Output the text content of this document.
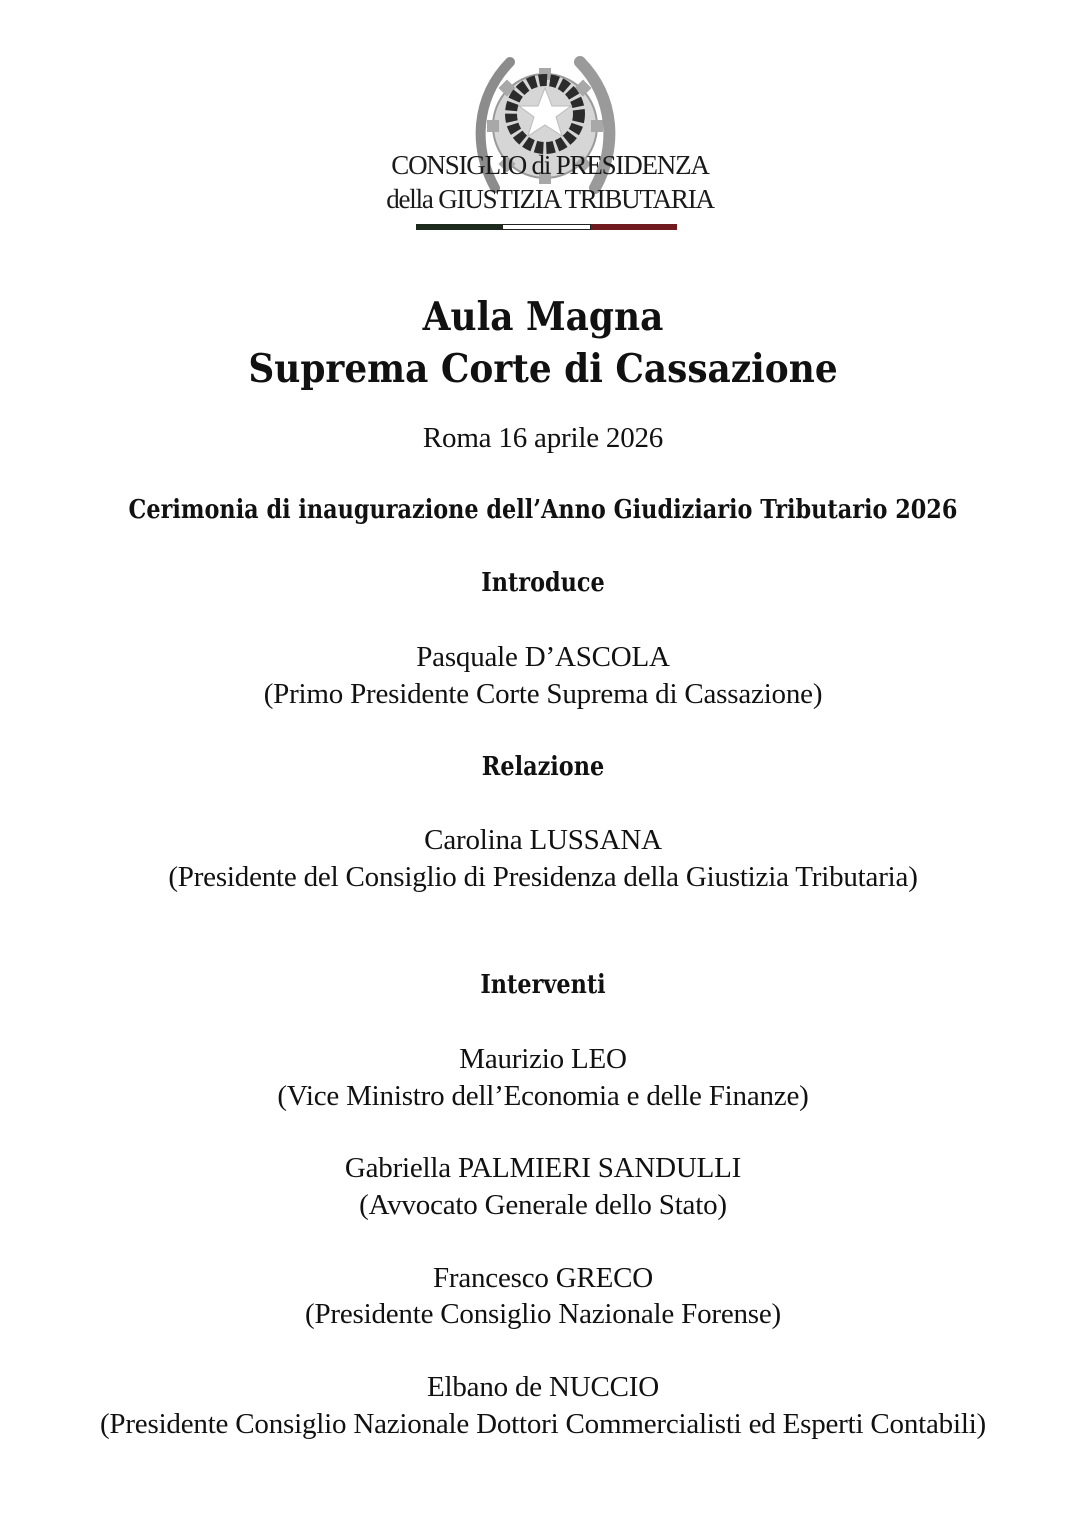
CONSIGLIO di PRESIDENZA
della GIUSTIZIA TRIBUTARIA
Aula Magna
Suprema Corte di Cassazione
Roma 16 aprile 2026
Cerimonia di inaugurazione dell’Anno Giudiziario Tributario 2026
Introduce
Pasquale D’ASCOLA
(Primo Presidente Corte Suprema di Cassazione)
Relazione
Carolina LUSSANA
(Presidente del Consiglio di Presidenza della Giustizia Tributaria)
Interventi
Maurizio LEO
(Vice Ministro dell’Economia e delle Finanze)
Gabriella PALMIERI SANDULLI
(Avvocato Generale dello Stato)
Francesco GRECO
(Presidente Consiglio Nazionale Forense)
Elbano de NUCCIO
(Presidente Consiglio Nazionale Dottori Commercialisti ed Esperti Contabili)
